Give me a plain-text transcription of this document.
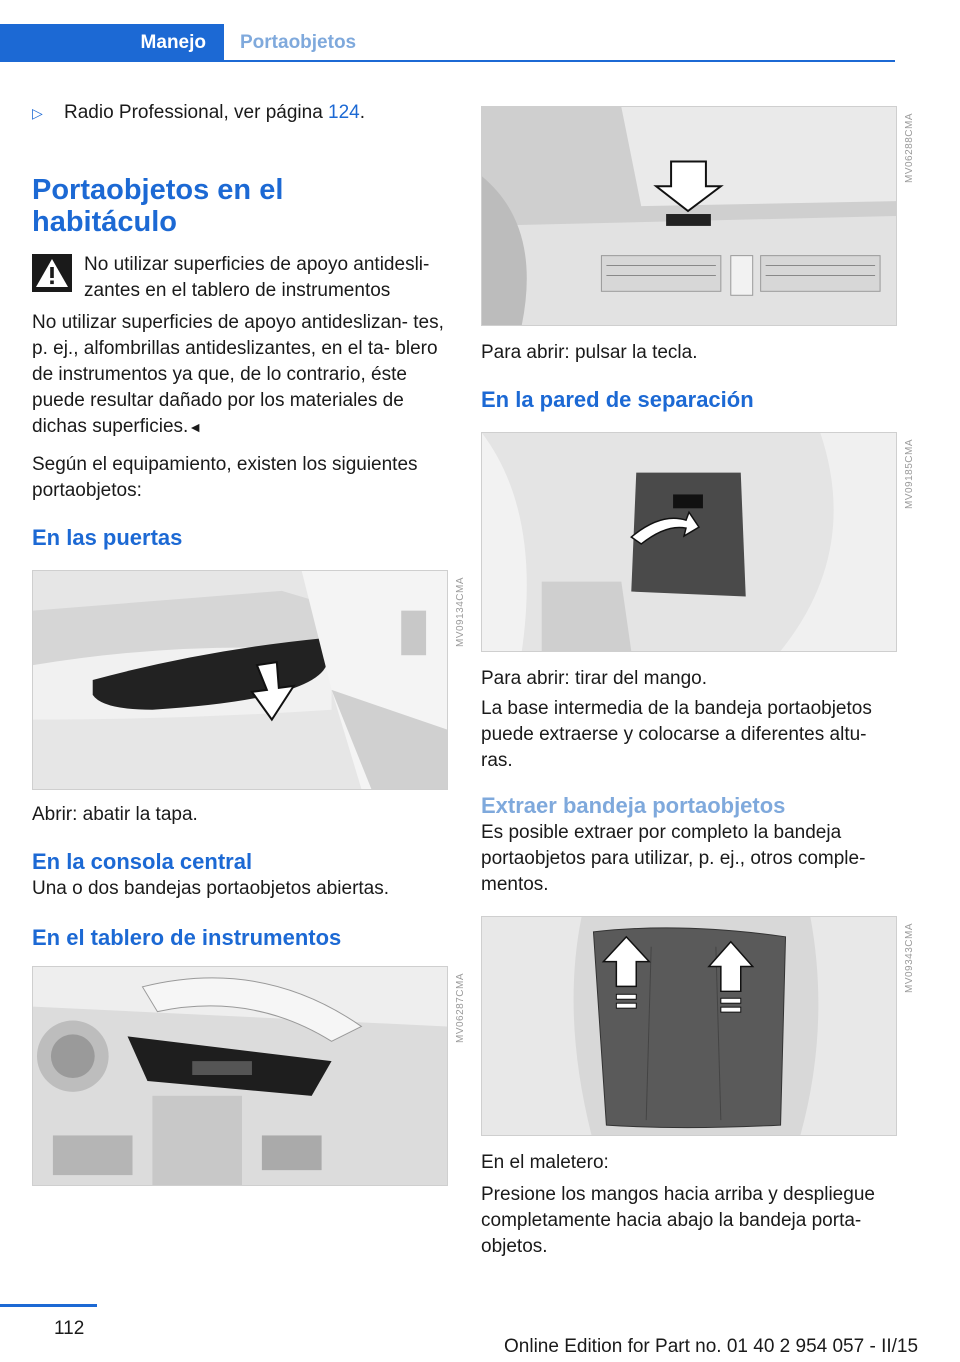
Manejo	Portaobjetos

▷	Radio Professional, ver página 124.

Portaobjetos en el habitáculo

No utilizar superficies de apoyo antidesli‐ zantes en el tablero de instrumentos

No utilizar superficies de apoyo antideslizan‐ tes, p. ej., alfombrillas antideslizantes, en el ta‐ blero de instrumentos ya que, de lo contrario, éste puede resultar dañado por los materiales de dichas superficies.◄

Según el equipamiento, existen los siguientes portaobjetos:

En las puertas
MV09134CMA

Abrir: abatir la tapa.

En la consola central

Una o dos bandejas portaobjetos abiertas.

En el tablero de instrumentos
MV06287CMA
MV06288CMA

Para abrir: pulsar la tecla.

En la pared de separación
MV09185CMA

Para abrir: tirar del mango.

La base intermedia de la bandeja portaobjetos puede extraerse y colocarse a diferentes altu‐ ras.

Extraer bandeja portaobjetos

Es posible extraer por completo la bandeja portaobjetos para utilizar, p. ej., otros comple‐ mentos.

MV09343CMA

En el maletero:

Presione los mangos hacia arriba y despliegue completamente hacia abajo la bandeja porta‐ objetos.

112
Online Edition for Part no. 01 40 2 954 057 - II/15
